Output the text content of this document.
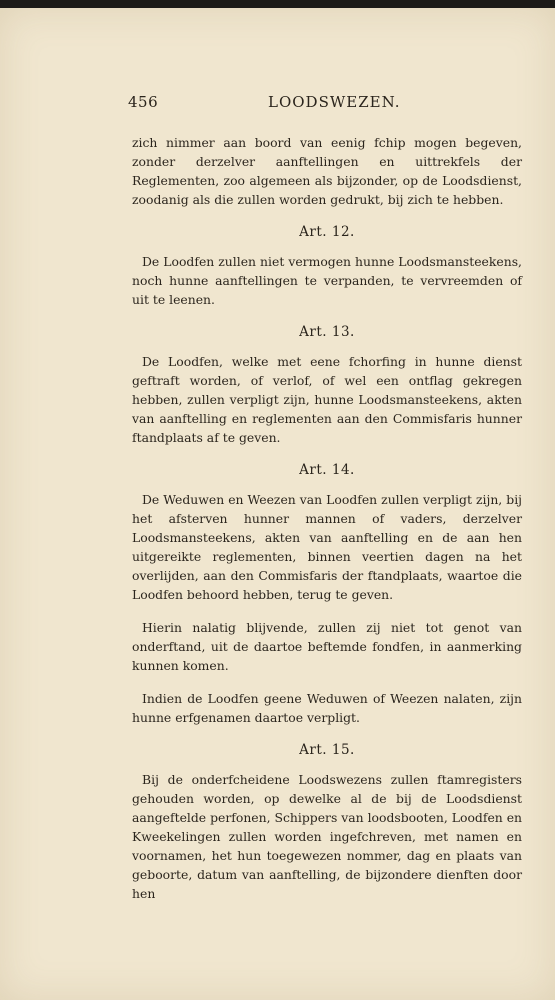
456	LOODSWEZEN.

zich nimmer aan boord van eenig fchip mogen begeven, zonder derzelver aanftellingen en uittrekfels der Reglementen, zoo algemeen als bijzonder, op de Loodsdienst, zoodanig als die zullen worden gedrukt, bij zich te hebben.

Art. 12.

De Loodfen zullen niet vermogen hunne Loodsmansteekens, noch hunne aanftellingen te verpanden, te vervreemden of uit te leenen.

Art. 13.

De Loodfen, welke met eene fchorfing in hunne dienst geftraft worden, of verlof, of wel een ontflag gekregen hebben, zullen verpligt zijn, hunne Loodsmansteekens, akten van aanftelling en reglementen aan den Commisfaris hunner ftandplaats af te geven.

Art. 14.

De Weduwen en Weezen van Loodfen zullen verpligt zijn, bij het afsterven hunner mannen of vaders, derzelver Loodsmansteekens, akten van aanftelling en de aan hen uitgereikte reglementen, binnen veertien dagen na het overlijden, aan den Commisfaris der ftandplaats, waartoe die Loodfen behoord hebben, terug te geven.

Hierin nalatig blijvende, zullen zij niet tot genot van onderftand, uit de daartoe beftemde fondfen, in aanmerking kunnen komen.

Indien de Loodfen geene Weduwen of Weezen nalaten, zijn hunne erfgenamen daartoe verpligt.

Art. 15.

Bij de onderfcheidene Loodswezens zullen ftamregisters gehouden worden, op dewelke al de bij de Loodsdienst aangeftelde perfonen, Schippers van loodsbooten, Loodfen en Kweekelingen zullen worden ingefchreven, met namen en voornamen, het hun toegewezen nommer, dag en plaats van geboorte, datum van aanftelling, de bijzondere dienften door hen
